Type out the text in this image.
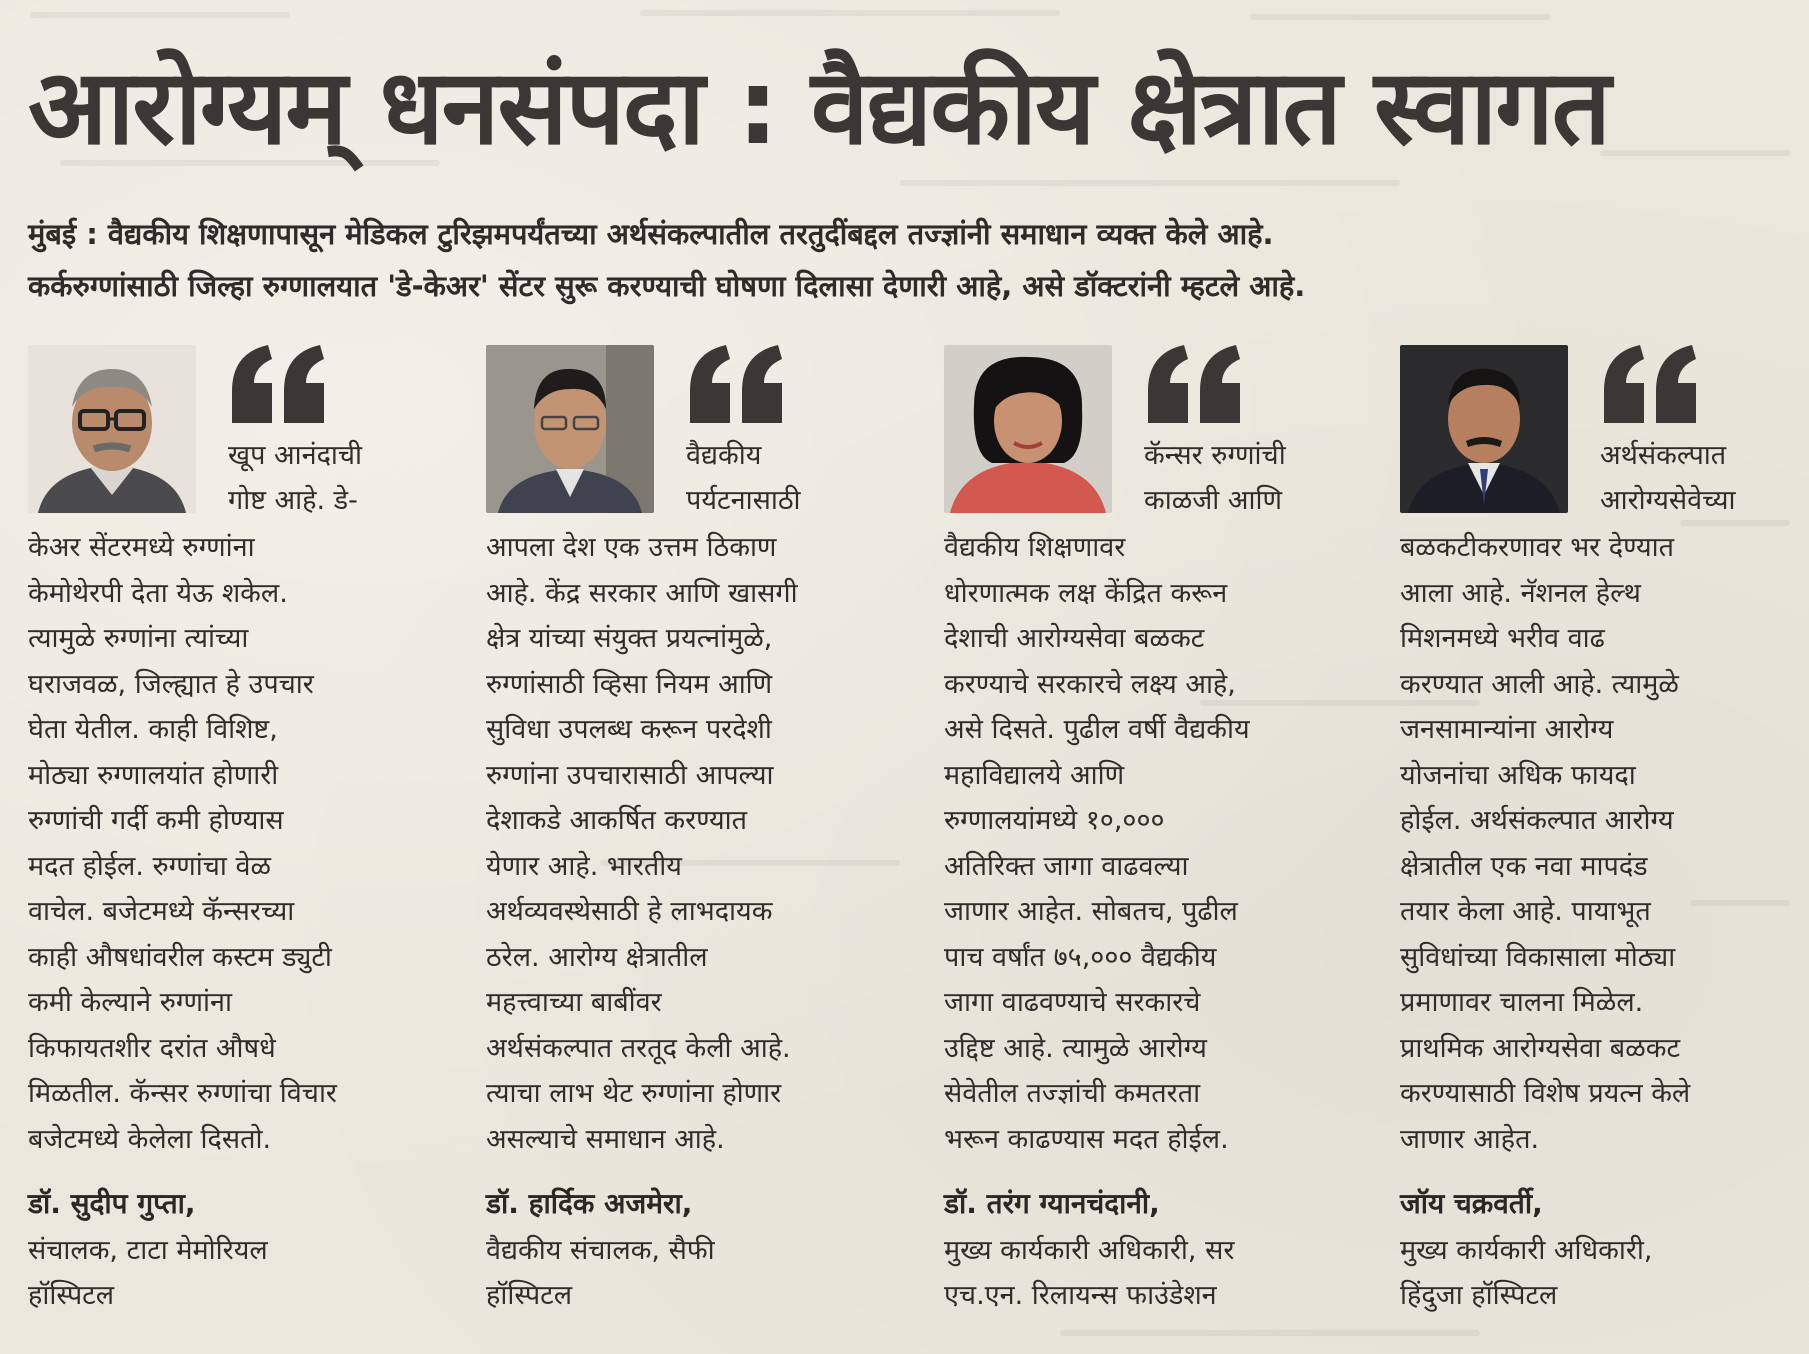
आरोग्यम् धनसंपदा : वैद्यकीय क्षेत्रात स्वागत
मुंबई : वैद्यकीय शिक्षणापासून मेडिकल टुरिझमपर्यंतच्या अर्थसंकल्पातील तरतुदींबद्दल तज्ज्ञांनी समाधान व्यक्त केले आहे.
कर्करुग्णांसाठी जिल्हा रुग्णालयात 'डे-केअर' सेंटर सुरू करण्याची घोषणा दिलासा देणारी आहे, असे डॉक्टरांनी म्हटले आहे.
खूप आनंदाची
गोष्ट आहे. डे-
केअर सेंटरमध्ये रुग्णांना
केमोथेरपी देता येऊ शकेल.
त्यामुळे रुग्णांना त्यांच्या
घराजवळ, जिल्ह्यात हे उपचार
घेता येतील. काही विशिष्ट,
मोठ्या रुग्णालयांत होणारी
रुग्णांची गर्दी कमी होण्यास
मदत होईल. रुग्णांचा वेळ
वाचेल. बजेटमध्ये कॅन्सरच्या
काही औषधांवरील कस्टम ड्युटी
कमी केल्याने रुग्णांना
किफायतशीर दरांत औषधे
मिळतील. कॅन्सर रुग्णांचा विचार
बजेटमध्ये केलेला दिसतो.
डॉ. सुदीप गुप्ता,
संचालक, टाटा मेमोरियल
हॉस्पिटल
वैद्यकीय
पर्यटनासाठी
आपला देश एक उत्तम ठिकाण
आहे. केंद्र सरकार आणि खासगी
क्षेत्र यांच्या संयुक्त प्रयत्नांमुळे,
रुग्णांसाठी व्हिसा नियम आणि
सुविधा उपलब्ध करून परदेशी
रुग्णांना उपचारासाठी आपल्या
देशाकडे आकर्षित करण्यात
येणार आहे. भारतीय
अर्थव्यवस्थेसाठी हे लाभदायक
ठरेल. आरोग्य क्षेत्रातील
महत्त्वाच्या बाबींवर
अर्थसंकल्पात तरतूद केली आहे.
त्याचा लाभ थेट रुग्णांना होणार
असल्याचे समाधान आहे.
डॉ. हार्दिक अजमेरा,
वैद्यकीय संचालक, सैफी
हॉस्पिटल
कॅन्सर रुग्णांची
काळजी आणि
वैद्यकीय शिक्षणावर
धोरणात्मक लक्ष केंद्रित करून
देशाची आरोग्यसेवा बळकट
करण्याचे सरकारचे लक्ष्य आहे,
असे दिसते. पुढील वर्षी वैद्यकीय
महाविद्यालये आणि
रुग्णालयांमध्ये १०,०००
अतिरिक्त जागा वाढवल्या
जाणार आहेत. सोबतच, पुढील
पाच वर्षांत ७५,००० वैद्यकीय
जागा वाढवण्याचे सरकारचे
उद्दिष्ट आहे. त्यामुळे आरोग्य
सेवेतील तज्ज्ञांची कमतरता
भरून काढण्यास मदत होईल.
डॉ. तरंग ग्यानचंदानी,
मुख्य कार्यकारी अधिकारी, सर
एच.एन. रिलायन्स फाउंडेशन
अर्थसंकल्पात
आरोग्यसेवेच्या
बळकटीकरणावर भर देण्यात
आला आहे. नॅशनल हेल्थ
मिशनमध्ये भरीव वाढ
करण्यात आली आहे. त्यामुळे
जनसामान्यांना आरोग्य
योजनांचा अधिक फायदा
होईल. अर्थसंकल्पात आरोग्य
क्षेत्रातील एक नवा मापदंड
तयार केला आहे. पायाभूत
सुविधांच्या विकासाला मोठ्या
प्रमाणावर चालना मिळेल.
प्राथमिक आरोग्यसेवा बळकट
करण्यासाठी विशेष प्रयत्न केले
जाणार आहेत.
जॉय चक्रवर्ती,
मुख्य कार्यकारी अधिकारी,
हिंदुजा हॉस्पिटल
